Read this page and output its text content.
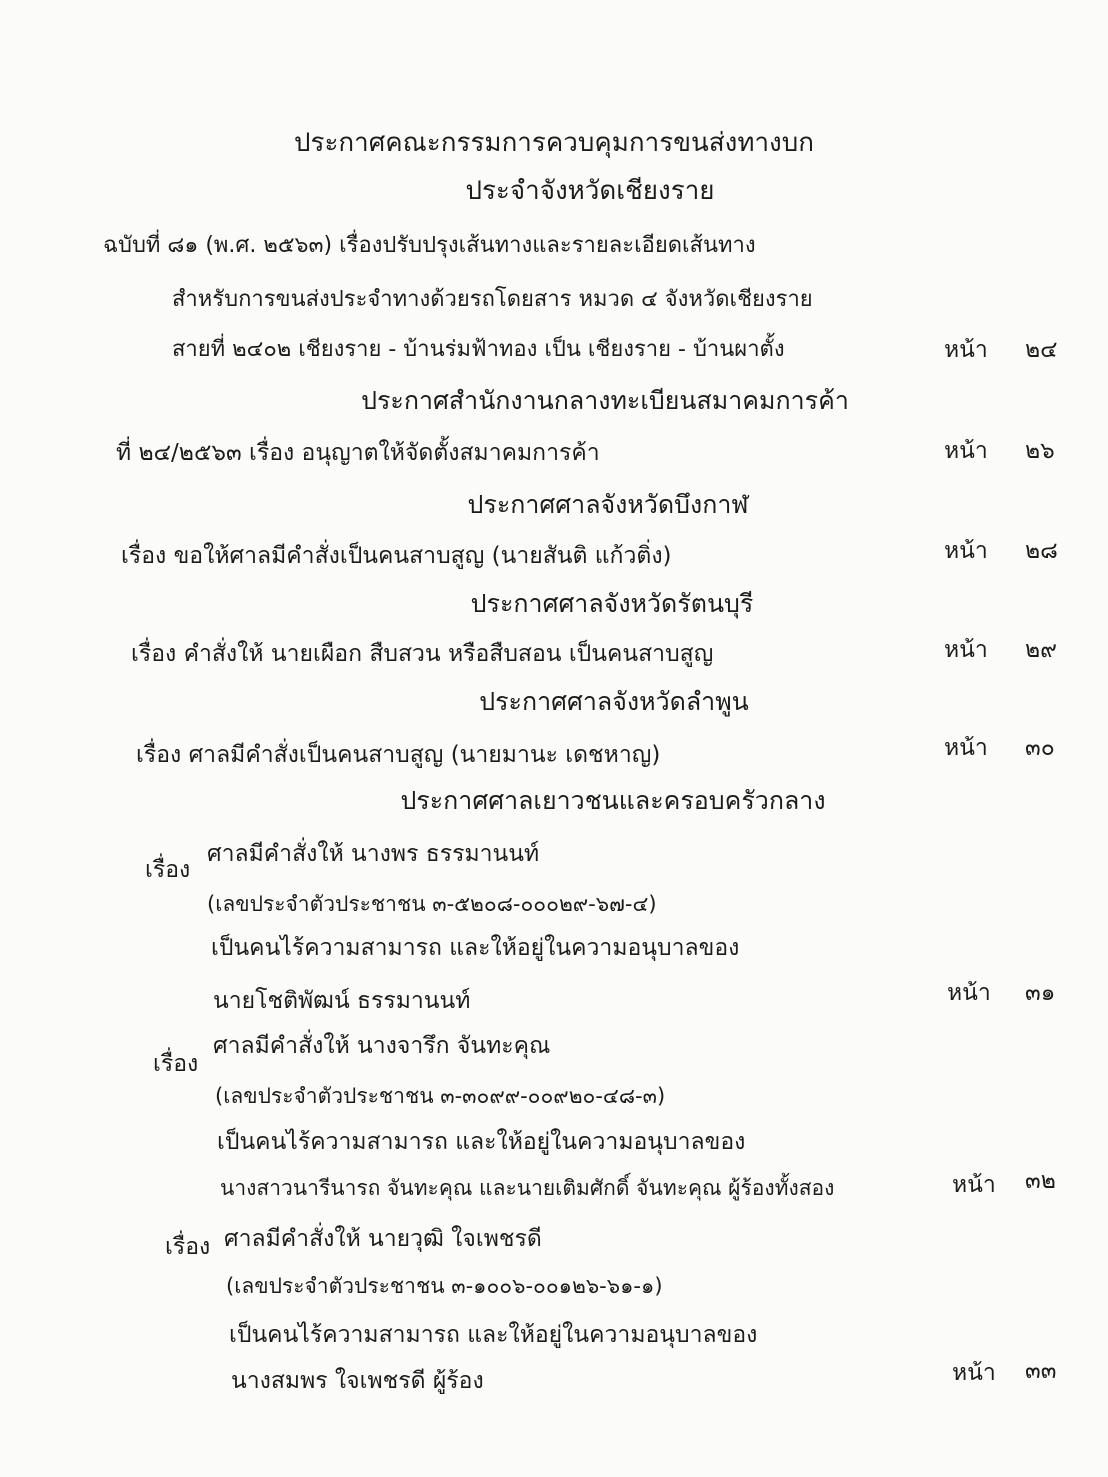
ประกาศคณะกรรมการควบคุมการขนส่งทางบก
ประจำจังหวัดเชียงราย
ฉบับที่ ๘๑ (พ.ศ. ๒๕๖๓) เรื่องปรับปรุงเส้นทางและรายละเอียดเส้นทาง
สำหรับการขนส่งประจำทางด้วยรถโดยสาร หมวด ๔ จังหวัดเชียงราย
สายที่ ๒๔๐๒ เชียงราย - บ้านร่มฟ้าทอง เป็น เชียงราย - บ้านผาตั้ง	หน้า ๒๔
ประกาศสำนักงานกลางทะเบียนสมาคมการค้า
ที่ ๒๔/๒๕๖๓ เรื่อง อนุญาตให้จัดตั้งสมาคมการค้า	หน้า ๒๖
ประกาศศาลจังหวัดบึงกาฬ
เรื่อง ขอให้ศาลมีคำสั่งเป็นคนสาบสูญ (นายสันติ แก้วติ่ง)	หน้า ๒๘
ประกาศศาลจังหวัดรัตนบุรี
เรื่อง คำสั่งให้ นายเผือก สืบสวน หรือสืบสอน เป็นคนสาบสูญ	หน้า ๒๙
ประกาศศาลจังหวัดลำพูน
เรื่อง ศาลมีคำสั่งเป็นคนสาบสูญ (นายมานะ เดชหาญ)	หน้า ๓๐
ประกาศศาลเยาวชนและครอบครัวกลาง
เรื่อง
ศาลมีคำสั่งให้ นางพร ธรรมานนท์
(เลขประจำตัวประชาชน ๓-๕๒๐๘-๐๐๐๒๙-๖๗-๔)
เป็นคนไร้ความสามารถ และให้อยู่ในความอนุบาลของ
นายโชติพัฒน์ ธรรมานนท์	หน้า ๓๑
เรื่อง
ศาลมีคำสั่งให้ นางจารึก จันทะคุณ
(เลขประจำตัวประชาชน ๓-๓๐๙๙-๐๐๙๒๐-๔๘-๓)
เป็นคนไร้ความสามารถ และให้อยู่ในความอนุบาลของ
นางสาวนารีนารถ จันทะคุณ และนายเติมศักดิ์ จันทะคุณ ผู้ร้องทั้งสอง	หน้า ๓๒
เรื่อง ศาลมีคำสั่งให้ นายวุฒิ ใจเพชรดี
(เลขประจำตัวประชาชน ๓-๑๐๐๖-๐๐๑๒๖-๖๑-๑)
เป็นคนไร้ความสามารถ และให้อยู่ในความอนุบาลของ
นางสมพร ใจเพชรดี ผู้ร้อง	หน้า ๓๓
